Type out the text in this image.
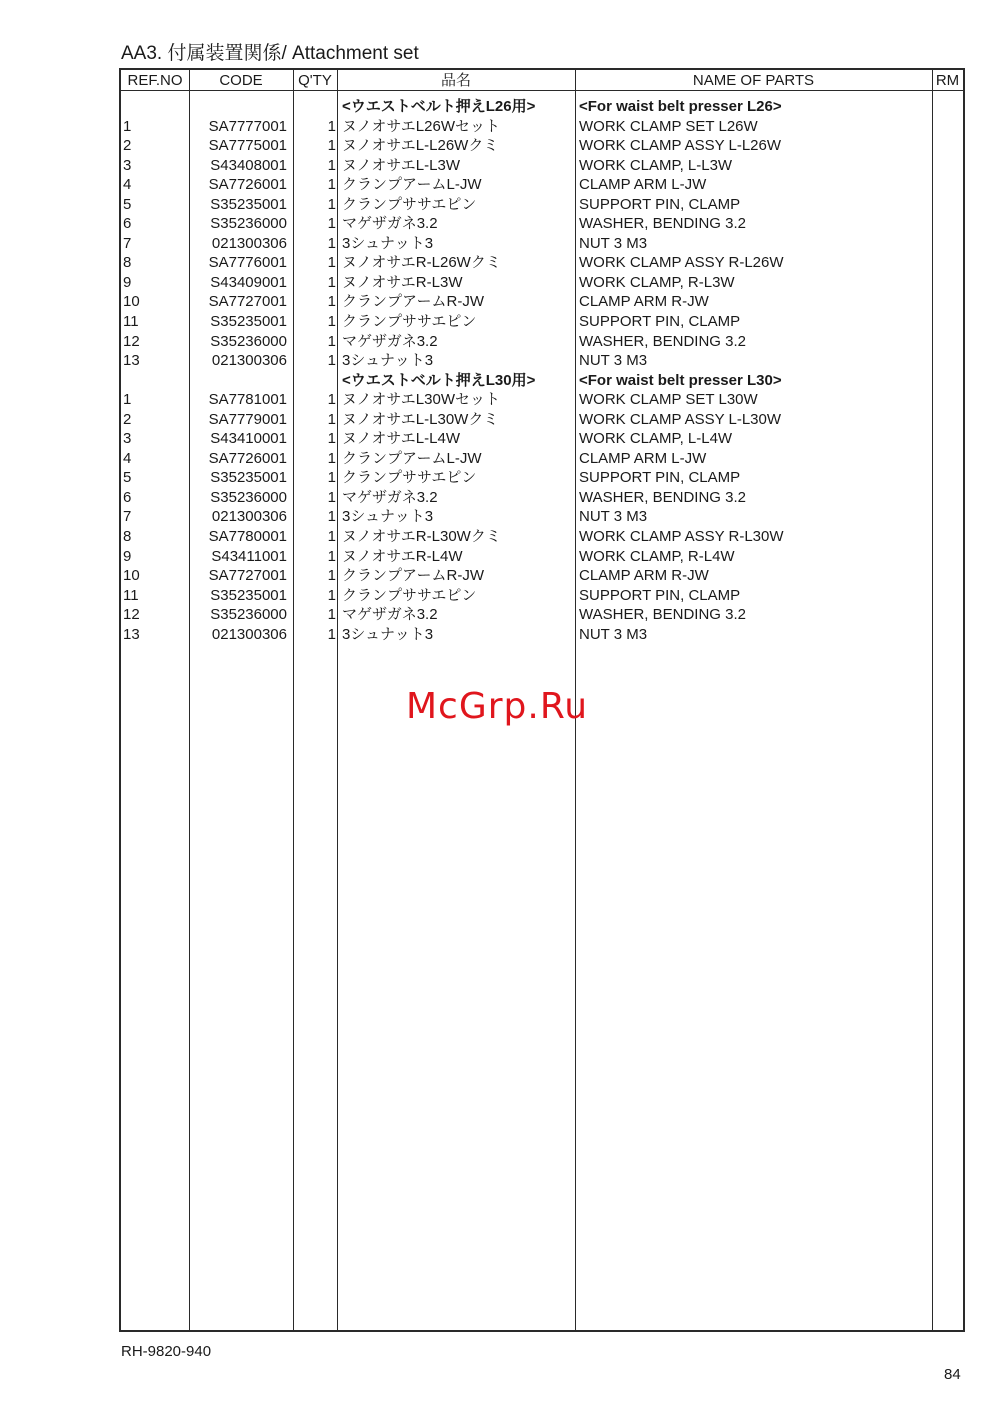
AA3. 付属装置関係/ Attachment set
REF.NO	CODE	Q'TY	品名	NAME OF PARTS	RM
<ウエストベルト押えL26用>	<For waist belt presser L26>
1	SA7777001	1 ヌノオサエL26Wセット	WORK CLAMP SET L26W
2	SA7775001	1 ヌノオサエL-L26Wクミ	WORK CLAMP ASSY L-L26W
3	S43408001	1 ヌノオサエL-L3W	WORK CLAMP, L-L3W
4	SA7726001	1 クランプアームL-JW	CLAMP ARM L-JW
5	S35235001	1 クランプササエピン	SUPPORT PIN, CLAMP
6	S35236000	1 マゲザガネ3.2	WASHER, BENDING 3.2
7	021300306	1 3シュナット3	NUT 3 M3
8	SA7776001	1 ヌノオサエR-L26Wクミ	WORK CLAMP ASSY R-L26W
9	S43409001	1 ヌノオサエR-L3W	WORK CLAMP, R-L3W
10	SA7727001	1 クランプアームR-JW	CLAMP ARM R-JW
11	S35235001	1 クランプササエピン	SUPPORT PIN, CLAMP
12	S35236000	1 マゲザガネ3.2	WASHER, BENDING 3.2
13	021300306	1 3シュナット3	NUT 3 M3
<ウエストベルト押えL30用>	<For waist belt presser L30>
1	SA7781001	1 ヌノオサエL30Wセット	WORK CLAMP SET L30W
2	SA7779001	1 ヌノオサエL-L30Wクミ	WORK CLAMP ASSY L-L30W
3	S43410001	1 ヌノオサエL-L4W	WORK CLAMP, L-L4W
4	SA7726001	1 クランプアームL-JW	CLAMP ARM L-JW
5	S35235001	1 クランプササエピン	SUPPORT PIN, CLAMP
6	S35236000	1 マゲザガネ3.2	WASHER, BENDING 3.2
7	021300306	1 3シュナット3	NUT 3 M3
8	SA7780001	1 ヌノオサエR-L30Wクミ	WORK CLAMP ASSY R-L30W
9	S43411001	1 ヌノオサエR-L4W	WORK CLAMP, R-L4W
10	SA7727001	1 クランプアームR-JW	CLAMP ARM R-JW
11	S35235001	1 クランプササエピン	SUPPORT PIN, CLAMP
12	S35236000	1 マゲザガネ3.2	WASHER, BENDING 3.2
13	021300306	1 3シュナット3	NUT 3 M3
McGrp.Ru
RH-9820-940
84
